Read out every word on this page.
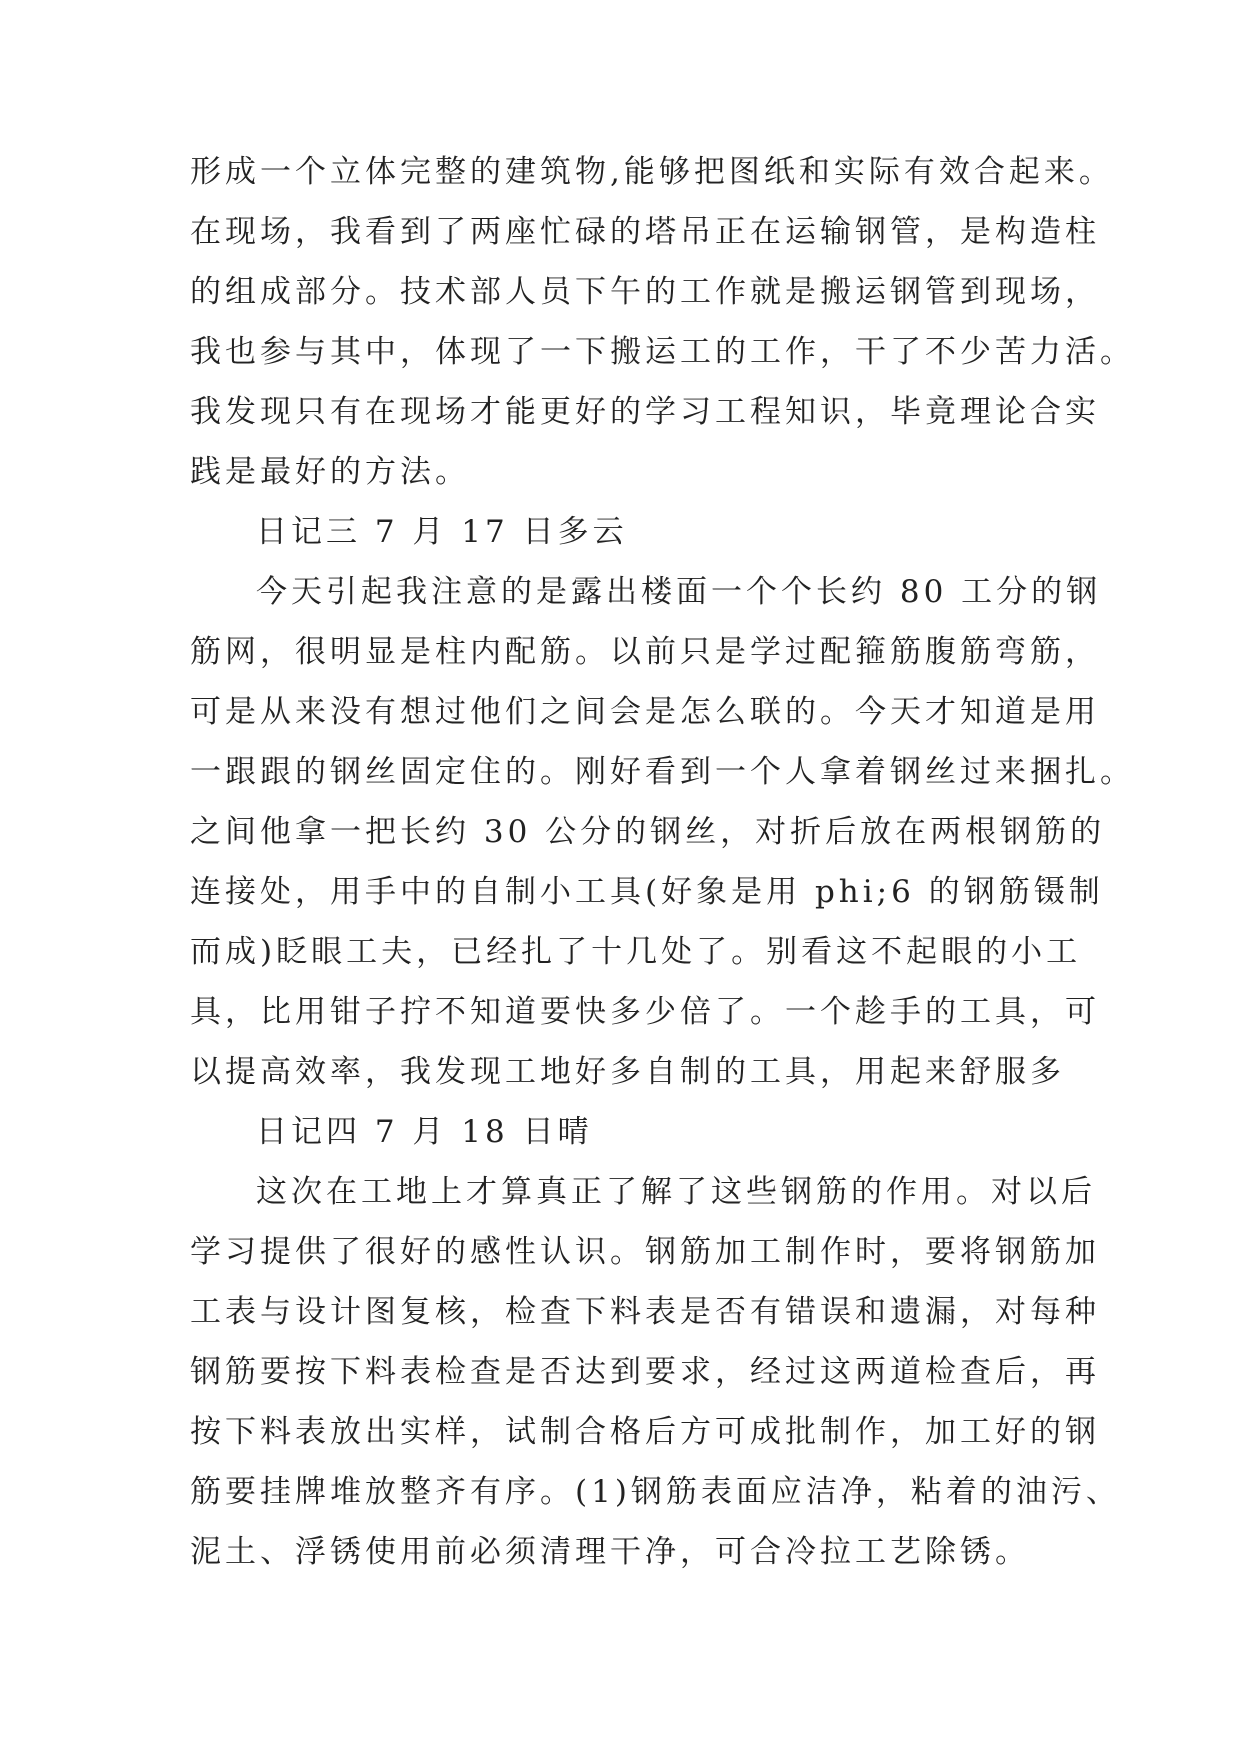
形成一个立体完整的建筑物,能够把图纸和实际有效合起来。
在现场，我看到了两座忙碌的塔吊正在运输钢管，是构造柱
的组成部分。技术部人员下午的工作就是搬运钢管到现场，
我也参与其中，体现了一下搬运工的工作，干了不少苦力活。
我发现只有在现场才能更好的学习工程知识，毕竟理论合实
践是最好的方法。
日记三 7 月 17 日多云
今天引起我注意的是露出楼面一个个长约 80 工分的钢
筋网，很明显是柱内配筋。以前只是学过配箍筋腹筋弯筋，
可是从来没有想过他们之间会是怎么联的。今天才知道是用
一跟跟的钢丝固定住的。刚好看到一个人拿着钢丝过来捆扎。
之间他拿一把长约 30 公分的钢丝，对折后放在两根钢筋的
连接处，用手中的自制小工具(好象是用 phi;6 的钢筋镊制
而成)眨眼工夫，已经扎了十几处了。别看这不起眼的小工
具，比用钳子拧不知道要快多少倍了。一个趁手的工具，可
以提高效率，我发现工地好多自制的工具，用起来舒服多
日记四 7 月 18 日晴
这次在工地上才算真正了解了这些钢筋的作用。对以后
学习提供了很好的感性认识。钢筋加工制作时，要将钢筋加
工表与设计图复核，检查下料表是否有错误和遗漏，对每种
钢筋要按下料表检查是否达到要求，经过这两道检查后，再
按下料表放出实样，试制合格后方可成批制作，加工好的钢
筋要挂牌堆放整齐有序。(1)钢筋表面应洁净，粘着的油污、
泥土、浮锈使用前必须清理干净，可合冷拉工艺除锈。
